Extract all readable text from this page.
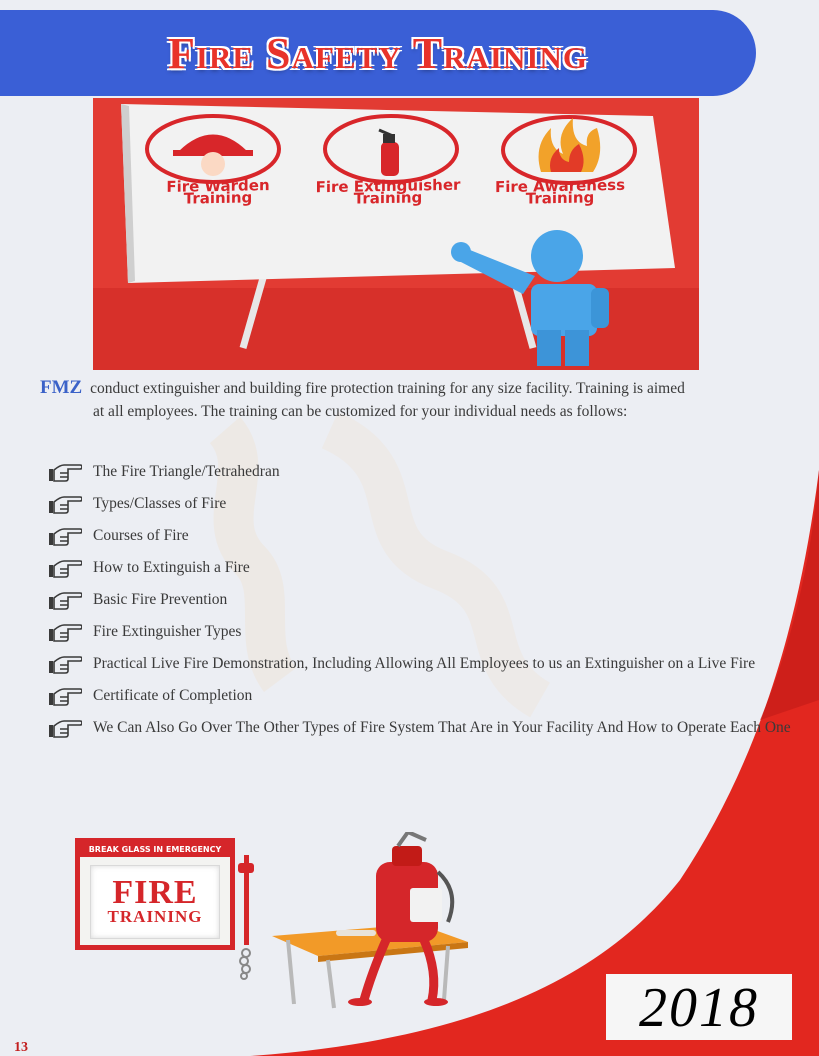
Fire Safety Training
Fire Warden Training
Fire Extinguisher Training
Fire Awareness Training
FMZ conduct extinguisher and building fire protection training for any size facility. Training is aimed
at all employees. The training can be customized for your individual needs as follows:
The Fire Triangle/Tetrahedran
Types/Classes of Fire
Courses of Fire
How to Extinguish a Fire
Basic Fire Prevention
Fire Extinguisher Types
Practical Live Fire Demonstration, Including Allowing All Employees to us an Extinguisher on a Live Fire
Certificate of Completion
We Can Also Go Over The Other Types of Fire System That Are in Your Facility And How to Operate Each One
BREAK GLASS IN EMERGENCY
FIRE
TRAINING
2018
13
